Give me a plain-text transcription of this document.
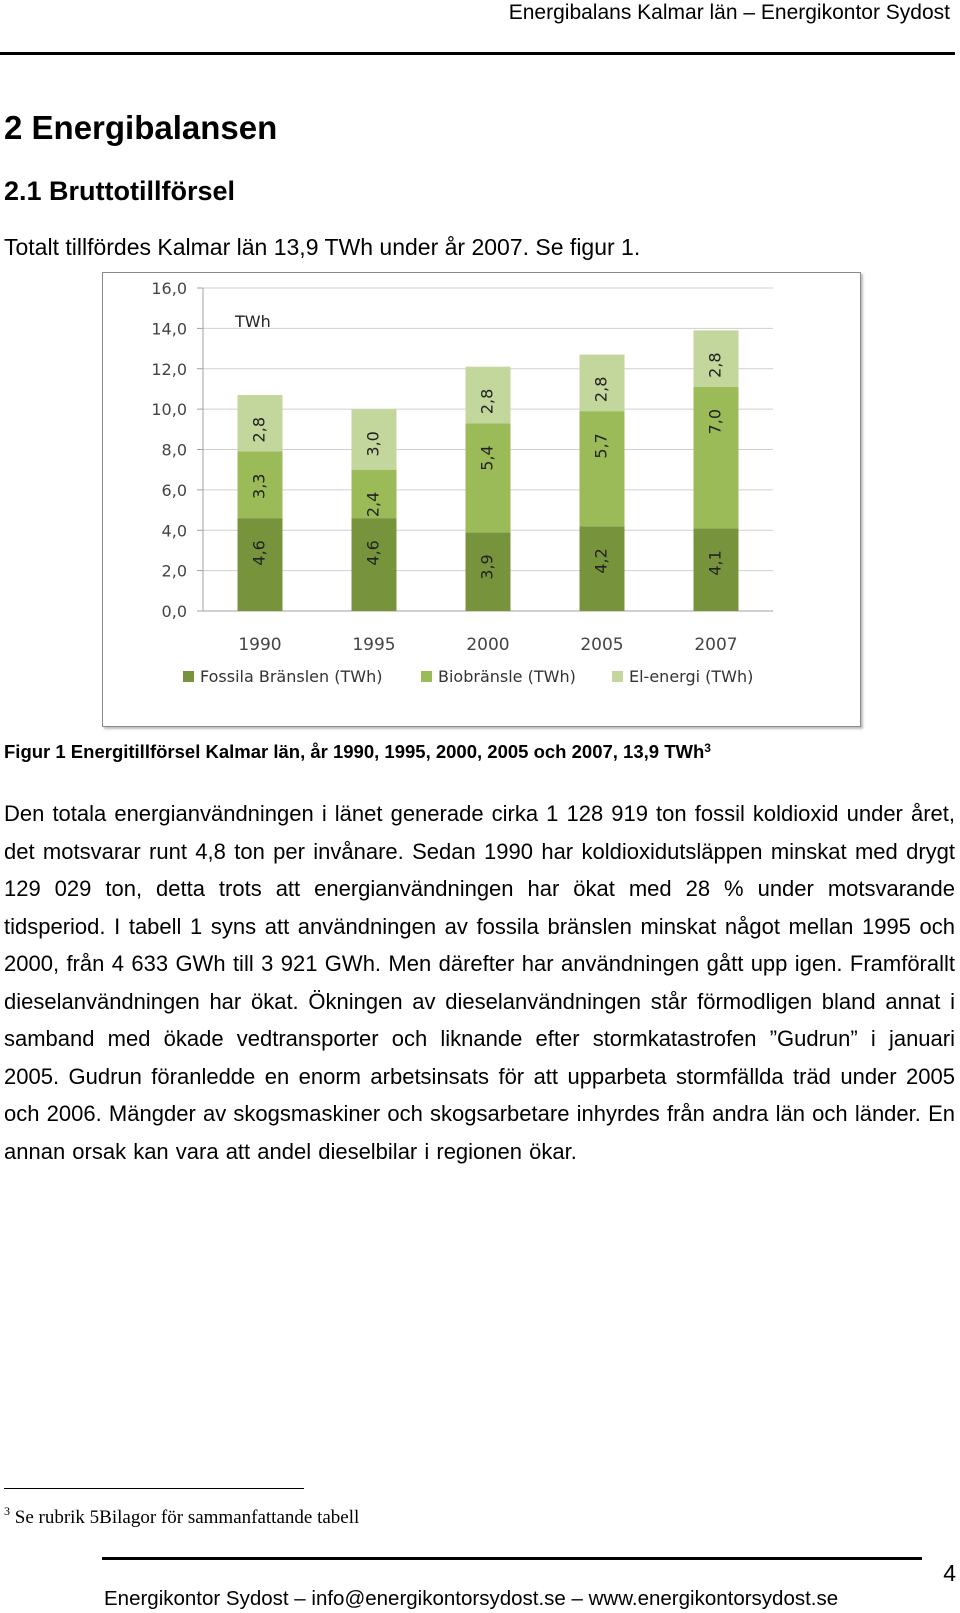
Energibalans Kalmar län – Energikontor Sydost
2 Energibalansen
2.1 Bruttotillförsel

Totalt tillfördes Kalmar län 13,9 TWh under år 2007. Se figur 1.

0,0
2,0
4,0
6,0
8,0
10,0
12,0
14,0
16,0
TWh
4,6
3,3
2,8
1990
4,6
2,4
3,0
1995
3,9
5,4
2,8
2000
4,2
5,7
2,8
2005
4,1
7,0
2,8
2007
Fossila Bränslen (TWh)	Biobränsle (TWh)	El-energi (TWh)

Figur 1 Energitillförsel Kalmar län, år 1990, 1995, 2000, 2005 och 2007, 13,9 TWh$^3$

Den totala energianvändningen i länet generade cirka 1 128 919 ton fossil koldioxid under året, det motsvarar runt 4,8 ton per invånare. Sedan 1990 har koldioxidutsläppen minskat med drygt 129 029 ton, detta trots att energianvändningen har ökat med 28 % under motsvarande tidsperiod. I tabell 1 syns att användningen av fossila bränslen minskat något mellan 1995 och 2000, från 4 633 GWh till 3 921 GWh. Men därefter har användningen gått upp igen. Framförallt dieselanvändningen har ökat. Ökningen av dieselanvändningen står förmodligen bland annat i samband med ökade vedtransporter och liknande efter stormkatastrofen ”Gudrun” i januari 2005. Gudrun föranledde en enorm arbetsinsats för att upparbeta stormfällda träd under 2005 och 2006. Mängder av skogsmaskiner och skogsarbetare inhyrdes från andra län och länder. En annan orsak kan vara att andel dieselbilar i regionen ökar.

$^3$ Se rubrik 5Bilagor för sammanfattande tabell
4
Energikontor Sydost – info@energikontorsydost.se – www.energikontorsydost.se
